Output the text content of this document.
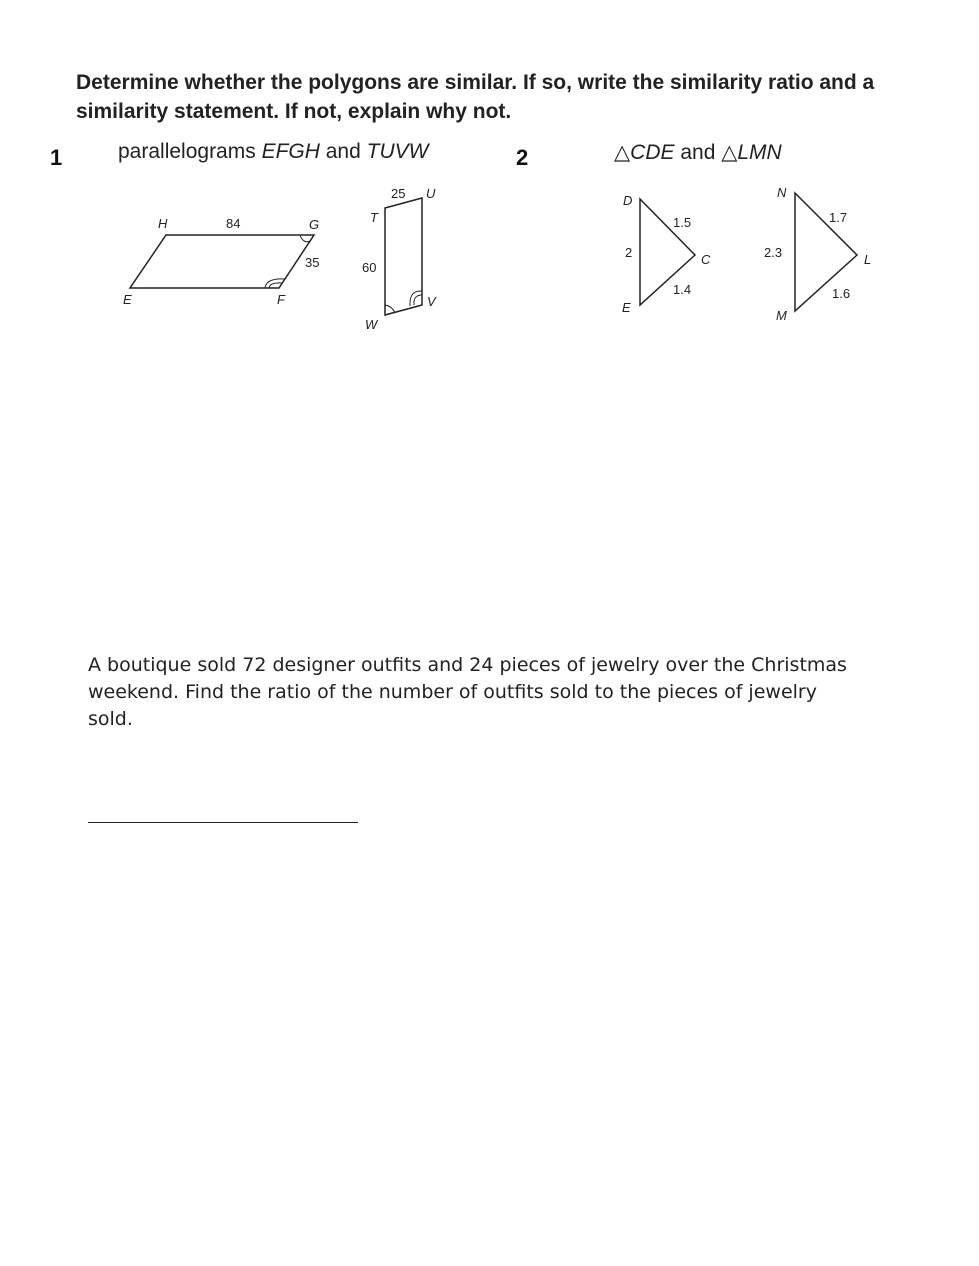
Determine whether the polygons are similar. If so, write the similarity ratio and a similarity statement. If not, explain why not.
1	parallelograms EFGH and TUVW	2	△CDE and △LMN
H	G
E	F
84
35
T
U
V
W
25
60
D
C
E
1.5
2
1.4
N
L
M
1.7
2.3
1.6
A boutique sold 72 designer outfits and 24 pieces of jewelry over the Christmas weekend. Find the ratio of the number of outfits sold to the pieces of jewelry sold.
